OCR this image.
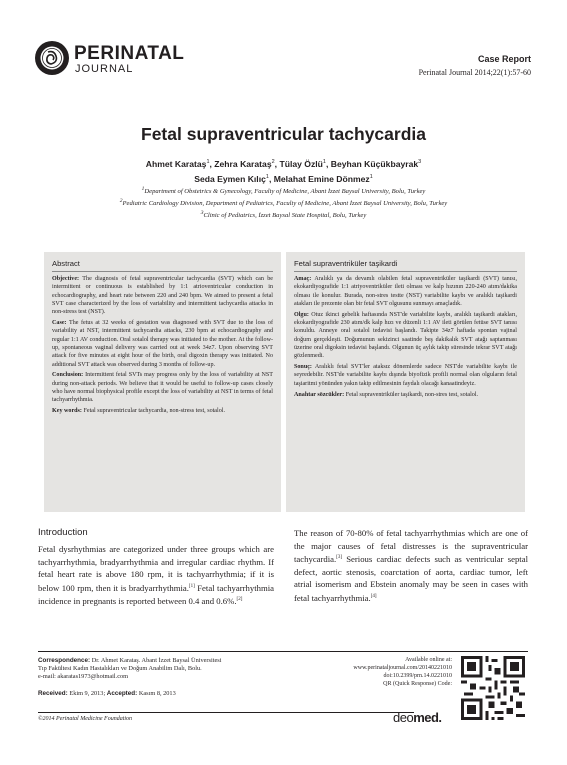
PERINATAL
JOURNAL
Case Report
Perinatal Journal 2014;22(1):57-60
Fetal supraventricular tachycardia
Ahmet Karataş$^1$, Zehra Karataş$^2$, Tülay Özlü$^1$, Beyhan Küçükbayrak$^3$
Seda Eymen Kılıç$^1$, Melahat Emine Dönmez$^1$
$^1$Department of Obstetrics & Gynecology, Faculty of Medicine, Abant İzzet Baysal University, Bolu, Turkey
$^2$Pediatric Cardiology Division, Department of Pediatrics, Faculty of Medicine, Abant İzzet Baysal University, Bolu, Turkey
$^3$Clinic of Pediatrics, İzzet Baysal State Hospital, Bolu, Turkey
Abstract

Objective: The diagnosis of fetal supraventricular tachycardia (SVT) which can be intermittent or continuous is established by 1:1 atrioventricular conduction in echocardiography, and heart rate between 220 and 240 bpm. We aimed to present a fetal SVT case characterized by the loss of variability and intermittent tachycardia attacks in non-stress test (NST).

Case: The fetus at 32 weeks of gestation was diagnosed with SVT due to the loss of variability at NST, intermittent tachycardia attacks, 230 bpm at echocardiography and regular 1:1 AV conduction. Oral sotalol therapy was initiated to the mother. At the follow-up, spontaneous vaginal delivery was carried out at week 34z7. Upon observing SVT attack for five minutes at eight hour of the birth, oral digoxin therapy was initiated. No additional SVT attack was observed during 3 months of follow-up.

Conclusion: Intermittent fetal SVTs may progress only by the loss of variability at NST during non-attack periods. We believe that it would be useful to follow-up cases closely who have normal biophysical profile except the loss of variability at NST in terms of fetal tachyarrhythmia.

Key words: Fetal supraventricular tachycardia, non-stress test, sotalol.

Fetal supraventriküler taşikardi

Amaç: Aralıklı ya da devamlı olabilen fetal supraventriküler taşikardi (SVT) tanısı, ekokardiyografide 1:1 atriyoventriküler ileti olması ve kalp hızının 220-240 atım/dakika olması ile konulur. Burada, non-stres testte (NST) variabilite kaybı ve aralıklı taşikardi atakları ile prezente olan bir fetal SVT olgusunu sunmayı amaçladık.

Olgu: Otuz ikinci gebelik haftasında NST'de variabilite kaybı, aralıklı taşikardi atakları, ekokardiyografide 230 atım/dk kalp hızı ve düzenli 1:1 AV ileti görülen fetüse SVT tanısı konuldu. Anneye oral sotalol tedavisi başlandı. Takipte 34z7 haftada spontan vajinal doğum gerçekleşti. Doğumunun sekizinci saatinde beş dakikalık SVT atağı saptanması üzerine oral digoksin tedavisi başlandı. Olgunun üç aylık takip süresinde tekrar SVT atağı gözlenmedi.

Sonuç: Aralıklı fetal SVT'ler ataksız dönemlerde sadece NST'de variabilite kaybı ile seyredebilir. NST'de variabilite kaybı dışında biyofizik profili normal olan olguların fetal taşiaritmi yönünden yakın takip edilmesinin faydalı olacağı kanaatindeyiz.

Anahtar sözcükler: Fetal supraventriküler taşikardi, non-stres test, sotalol.

Introduction
Fetal dysrhythmias are categorized under three groups which are tachyarrhythmia, bradyarrhythmia and irregular cardiac rhythm. If fetal heart rate is above 180 rpm, it is tachyarrhythmia; if it is below 100 rpm, then it is bradyarrhythmia.[1] Fetal tachyarrhythmia incidence in pregnants is reported between 0.4 and 0.6%.[2]
The reason of 70-80% of fetal tachyarrhythmias which are one of the major causes of fetal distresses is the supraventricular tachycardia.[3] Serious cardiac defects such as ventricular septal defect, aortic stenosis, coarctation of aorta, cardiac tumor, left atrial isomerism and Ebstein anomaly may be seen in cases with fetal tachyarrhythmia.[4]
Correspondence: Dr. Ahmet Karataş. Abant İzzet Baysal Üniversitesi
Tıp Fakültesi Kadın Hastalıkları ve Doğum Anabilim Dalı, Bolu.
e-mail: akaratas1973@hotmail.com
Received: Ekim 9, 2013; Accepted: Kasım 8, 2013
Available online at:
www.perinataljournal.com/20140221010
doi:10.2399/prn.14.0221010
QR (Quick Response) Code:
©2014 Perinatal Medicine Foundation	deomed.
